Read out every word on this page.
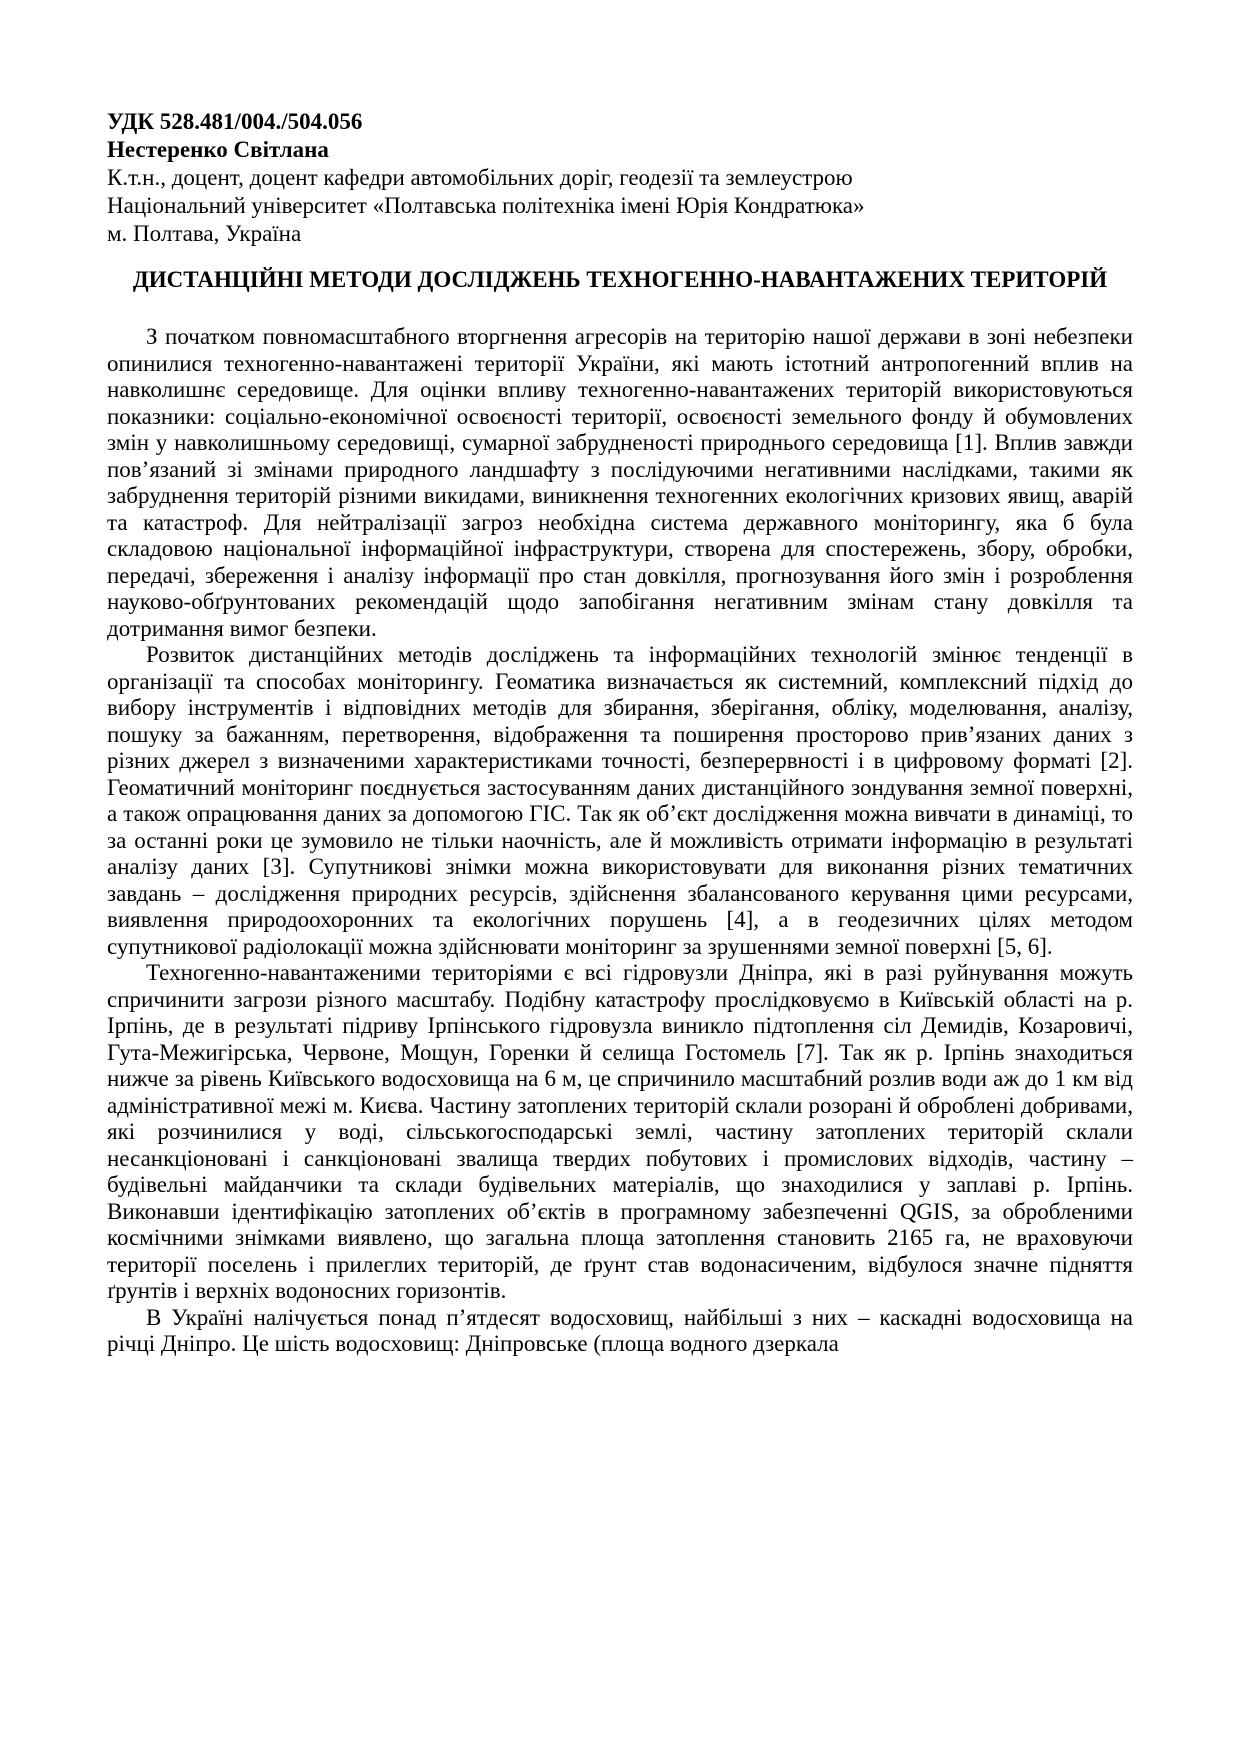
УДК 528.481/004./504.056

Нестеренко Світлана

К.т.н., доцент, доцент кафедри автомобільних доріг, геодезії та землеустрою

Національний університет «Полтавська політехніка імені Юрія Кондратюка»

м. Полтава, Україна

ДИСТАНЦІЙНІ МЕТОДИ ДОСЛІДЖЕНЬ ТЕХНОГЕННО-НАВАНТАЖЕНИХ ТЕРИТОРІЙ

З початком повномасштабного вторгнення агресорів на територію нашої держави в зоні небезпеки опинилися техногенно-навантажені території України, які мають істотний антропогенний вплив на навколишнє середовище. Для оцінки впливу техногенно-навантажених територій використовуються показники: соціально-економічної освоєності території, освоєності земельного фонду й обумовлених змін у навколишньому середовищі, сумарної забрудненості природнього середовища [1]. Вплив завжди пов’язаний зі змінами природного ландшафту з послідуючими негативними наслідками, такими як забруднення територій різними викидами, виникнення техногенних екологічних кризових явищ, аварій та катастроф. Для нейтралізації загроз необхідна система державного моніторингу, яка б була складовою національної інформаційної інфраструктури, створена для спостережень, збору, обробки, передачі, збереження і аналізу інформації про стан довкілля, прогнозування його змін і розроблення науково-обґрунтованих рекомендацій щодо запобігання негативним змінам стану довкілля та дотримання вимог безпеки.

Розвиток дистанційних методів досліджень та інформаційних технологій змінює тенденції в організації та способах моніторингу. Геоматика визначається як системний, комплексний підхід до вибору інструментів і відповідних методів для збирання, зберігання, обліку, моделювання, аналізу, пошуку за бажанням, перетворення, відображення та поширення просторово прив’язаних даних з різних джерел з визначеними характеристиками точності, безперервності і в цифровому форматі [2]. Геоматичний моніторинг поєднується застосуванням даних дистанційного зондування земної поверхні, а також опрацювання даних за допомогою ГІС. Так як об’єкт дослідження можна вивчати в динаміці, то за останні роки це зумовило не тільки наочність, але й можливість отримати інформацію в результаті аналізу даних [3]. Супутникові знімки можна використовувати для виконання різних тематичних завдань – дослідження природних ресурсів, здійснення збалансованого керування цими ресурсами, виявлення природоохоронних та екологічних порушень [4], а в геодезичних цілях методом супутникової радіолокації можна здійснювати моніторинг за зрушеннями земної поверхні [5, 6].

Техногенно-навантаженими територіями є всі гідровузли Дніпра, які в разі руйнування можуть спричинити загрози різного масштабу. Подібну катастрофу прослідковуємо в Київській області на р. Ірпінь, де в результаті підриву Ірпінського гідровузла виникло підтоплення сіл Демидів, Козаровичі, Гута-Межигірська, Червоне, Мощун, Горенки й селища Гостомель [7]. Так як р. Ірпінь знаходиться нижче за рівень Київського водосховища на 6 м, це спричинило масштабний розлив води аж до 1 км від адміністративної межі м. Києва. Частину затоплених територій склали розорані й оброблені добривами, які розчинилися у воді, сільськогосподарські землі, частину затоплених територій склали несанкціоновані і санкціоновані звалища твердих побутових і промислових відходів, частину – будівельні майданчики та склади будівельних матеріалів, що знаходилися у заплаві р. Ірпінь. Виконавши ідентифікацію затоплених об’єктів в програмному забезпеченні QGIS, за обробленими космічними знімками виявлено, що загальна площа затоплення становить 2165 га, не враховуючи території поселень і прилеглих територій, де ґрунт став водонасиченим, відбулося значне підняття ґрунтів і верхніх водоносних горизонтів.

В Україні налічується понад п’ятдесят водосховищ, найбільші з них – каскадні водосховища на річці Дніпро. Це шість водосховищ: Дніпровське (площа водного дзеркала
